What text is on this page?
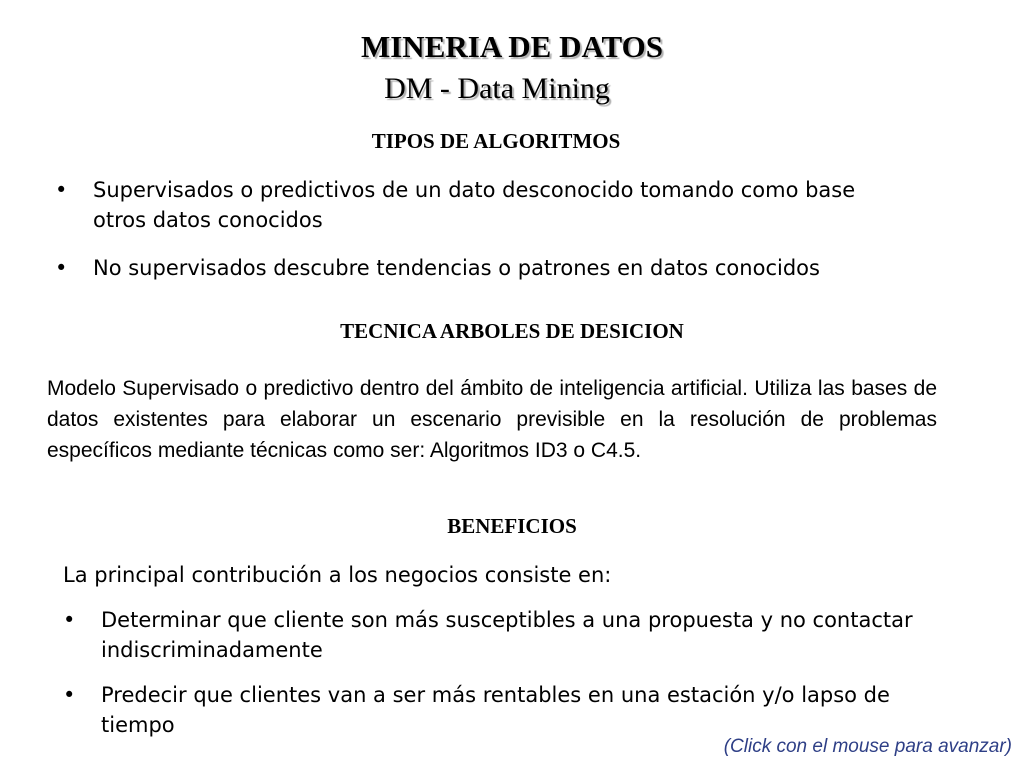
MINERIA DE DATOS
DM - Data Mining
TIPOS DE ALGORITMOS
• Supervisados o predictivos de un dato desconocido tomando como base otros datos conocidos
• No supervisados descubre tendencias o patrones en datos conocidos
TECNICA ARBOLES DE DESICION
Modelo Supervisado o predictivo dentro del ámbito de inteligencia artificial. Utiliza las bases de datos existentes para elaborar un escenario previsible en la resolución de problemas específicos mediante técnicas como ser: Algoritmos ID3 o C4.5.
BENEFICIOS
La principal contribución a los negocios consiste en:
• Determinar que cliente son más susceptibles a una propuesta y no contactar indiscriminadamente
• Predecir que clientes van a ser más rentables en una estación y/o lapso de tiempo
(Click con el mouse para avanzar)
